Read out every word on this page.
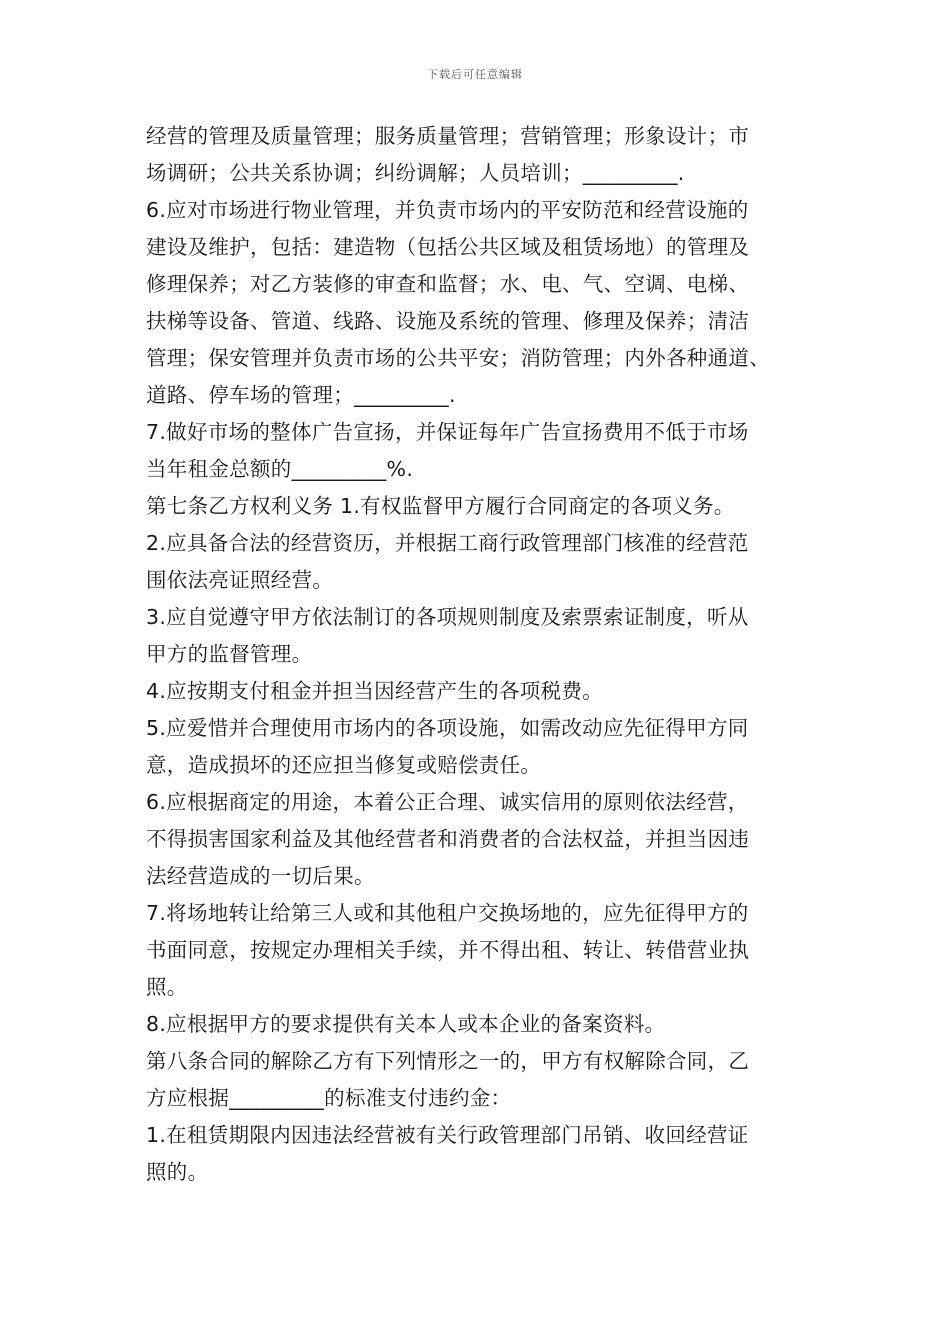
下载后可任意编辑
经营的管理及质量管理；服务质量管理；营销管理；形象设计；市
场调研；公共关系协调；纠纷调解；人员培训；_________.
6.应对市场进行物业管理，并负责市场内的平安防范和经营设施的
建设及维护，包括：建造物（包括公共区域及租赁场地）的管理及
修理保养；对乙方装修的审查和监督；水、电、气、空调、电梯、
扶梯等设备、管道、线路、设施及系统的管理、修理及保养；清洁
管理；保安管理并负责市场的公共平安；消防管理；内外各种通道、
道路、停车场的管理；_________.
7.做好市场的整体广告宣扬，并保证每年广告宣扬费用不低于市场
当年租金总额的_________%.
第七条乙方权利义务 1.有权监督甲方履行合同商定的各项义务。
2.应具备合法的经营资历，并根据工商行政管理部门核准的经营范
围依法亮证照经营。
3.应自觉遵守甲方依法制订的各项规则制度及索票索证制度，听从
甲方的监督管理。
4.应按期支付租金并担当因经营产生的各项税费。
5.应爱惜并合理使用市场内的各项设施，如需改动应先征得甲方同
意，造成损坏的还应担当修复或赔偿责任。
6.应根据商定的用途，本着公正合理、诚实信用的原则依法经营，
不得损害国家利益及其他经营者和消费者的合法权益，并担当因违
法经营造成的一切后果。
7.将场地转让给第三人或和其他租户交换场地的，应先征得甲方的
书面同意，按规定办理相关手续，并不得出租、转让、转借营业执
照。
8.应根据甲方的要求提供有关本人或本企业的备案资料。
第八条合同的解除乙方有下列情形之一的，甲方有权解除合同，乙
方应根据_________的标准支付违约金：
1.在租赁期限内因违法经营被有关行政管理部门吊销、收回经营证
照的。
